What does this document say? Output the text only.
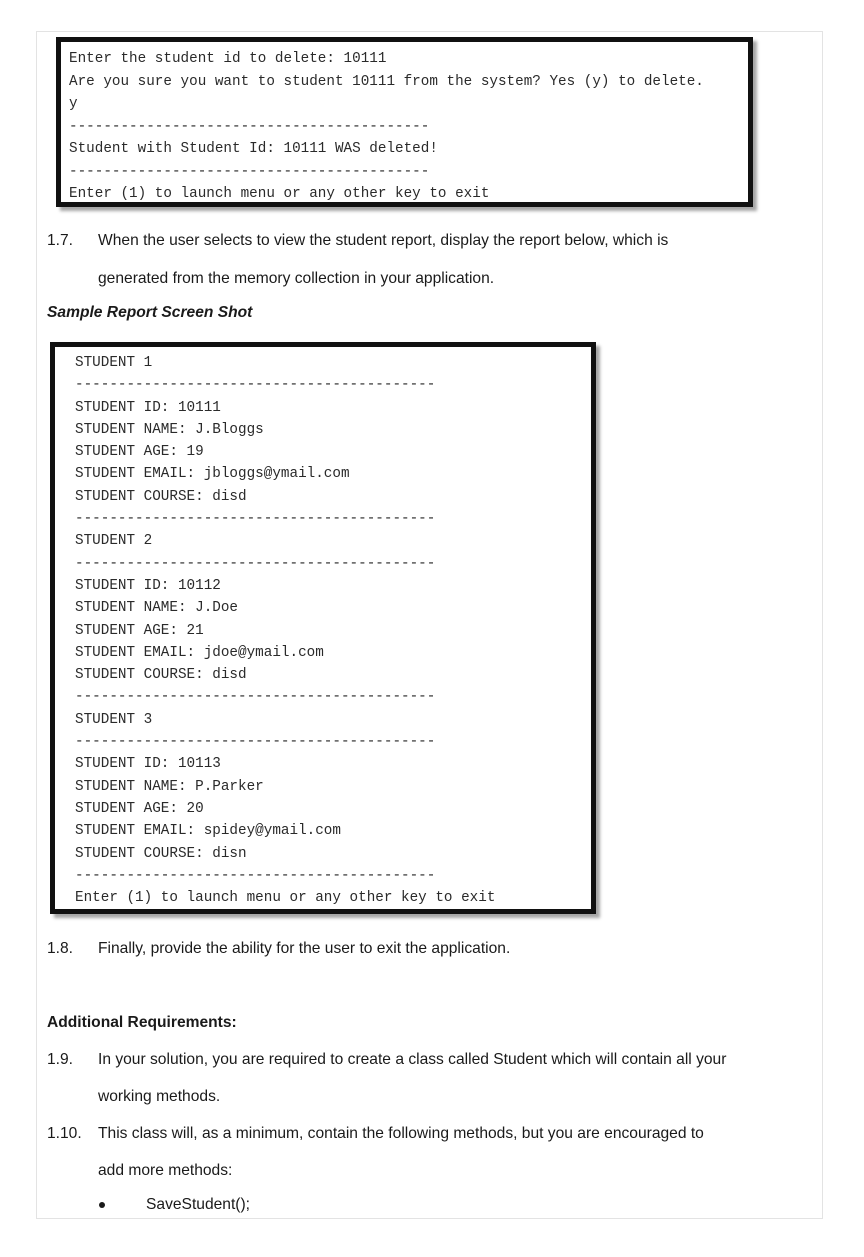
Enter the student id to delete: 10111
Are you sure you want to student 10111 from the system? Yes (y) to delete.
y
------------------------------------------
Student with Student Id: 10111 WAS deleted!
------------------------------------------
Enter (1) to launch menu or any other key to exit
1.7. When the user selects to view the student report, display the report below, which is
generated from the memory collection in your application.
Sample Report Screen Shot
STUDENT 1
------------------------------------------
STUDENT ID: 10111
STUDENT NAME: J.Bloggs
STUDENT AGE: 19
STUDENT EMAIL: jbloggs@ymail.com
STUDENT COURSE: disd
------------------------------------------
STUDENT 2
------------------------------------------
STUDENT ID: 10112
STUDENT NAME: J.Doe
STUDENT AGE: 21
STUDENT EMAIL: jdoe@ymail.com
STUDENT COURSE: disd
------------------------------------------
STUDENT 3
------------------------------------------
STUDENT ID: 10113
STUDENT NAME: P.Parker
STUDENT AGE: 20
STUDENT EMAIL: spidey@ymail.com
STUDENT COURSE: disn
------------------------------------------
Enter (1) to launch menu or any other key to exit
1.8. Finally, provide the ability for the user to exit the application.
Additional Requirements:
1.9. In your solution, you are required to create a class called Student which will contain all your
working methods.
1.10. This class will, as a minimum, contain the following methods, but you are encouraged to
add more methods:
SaveStudent();
